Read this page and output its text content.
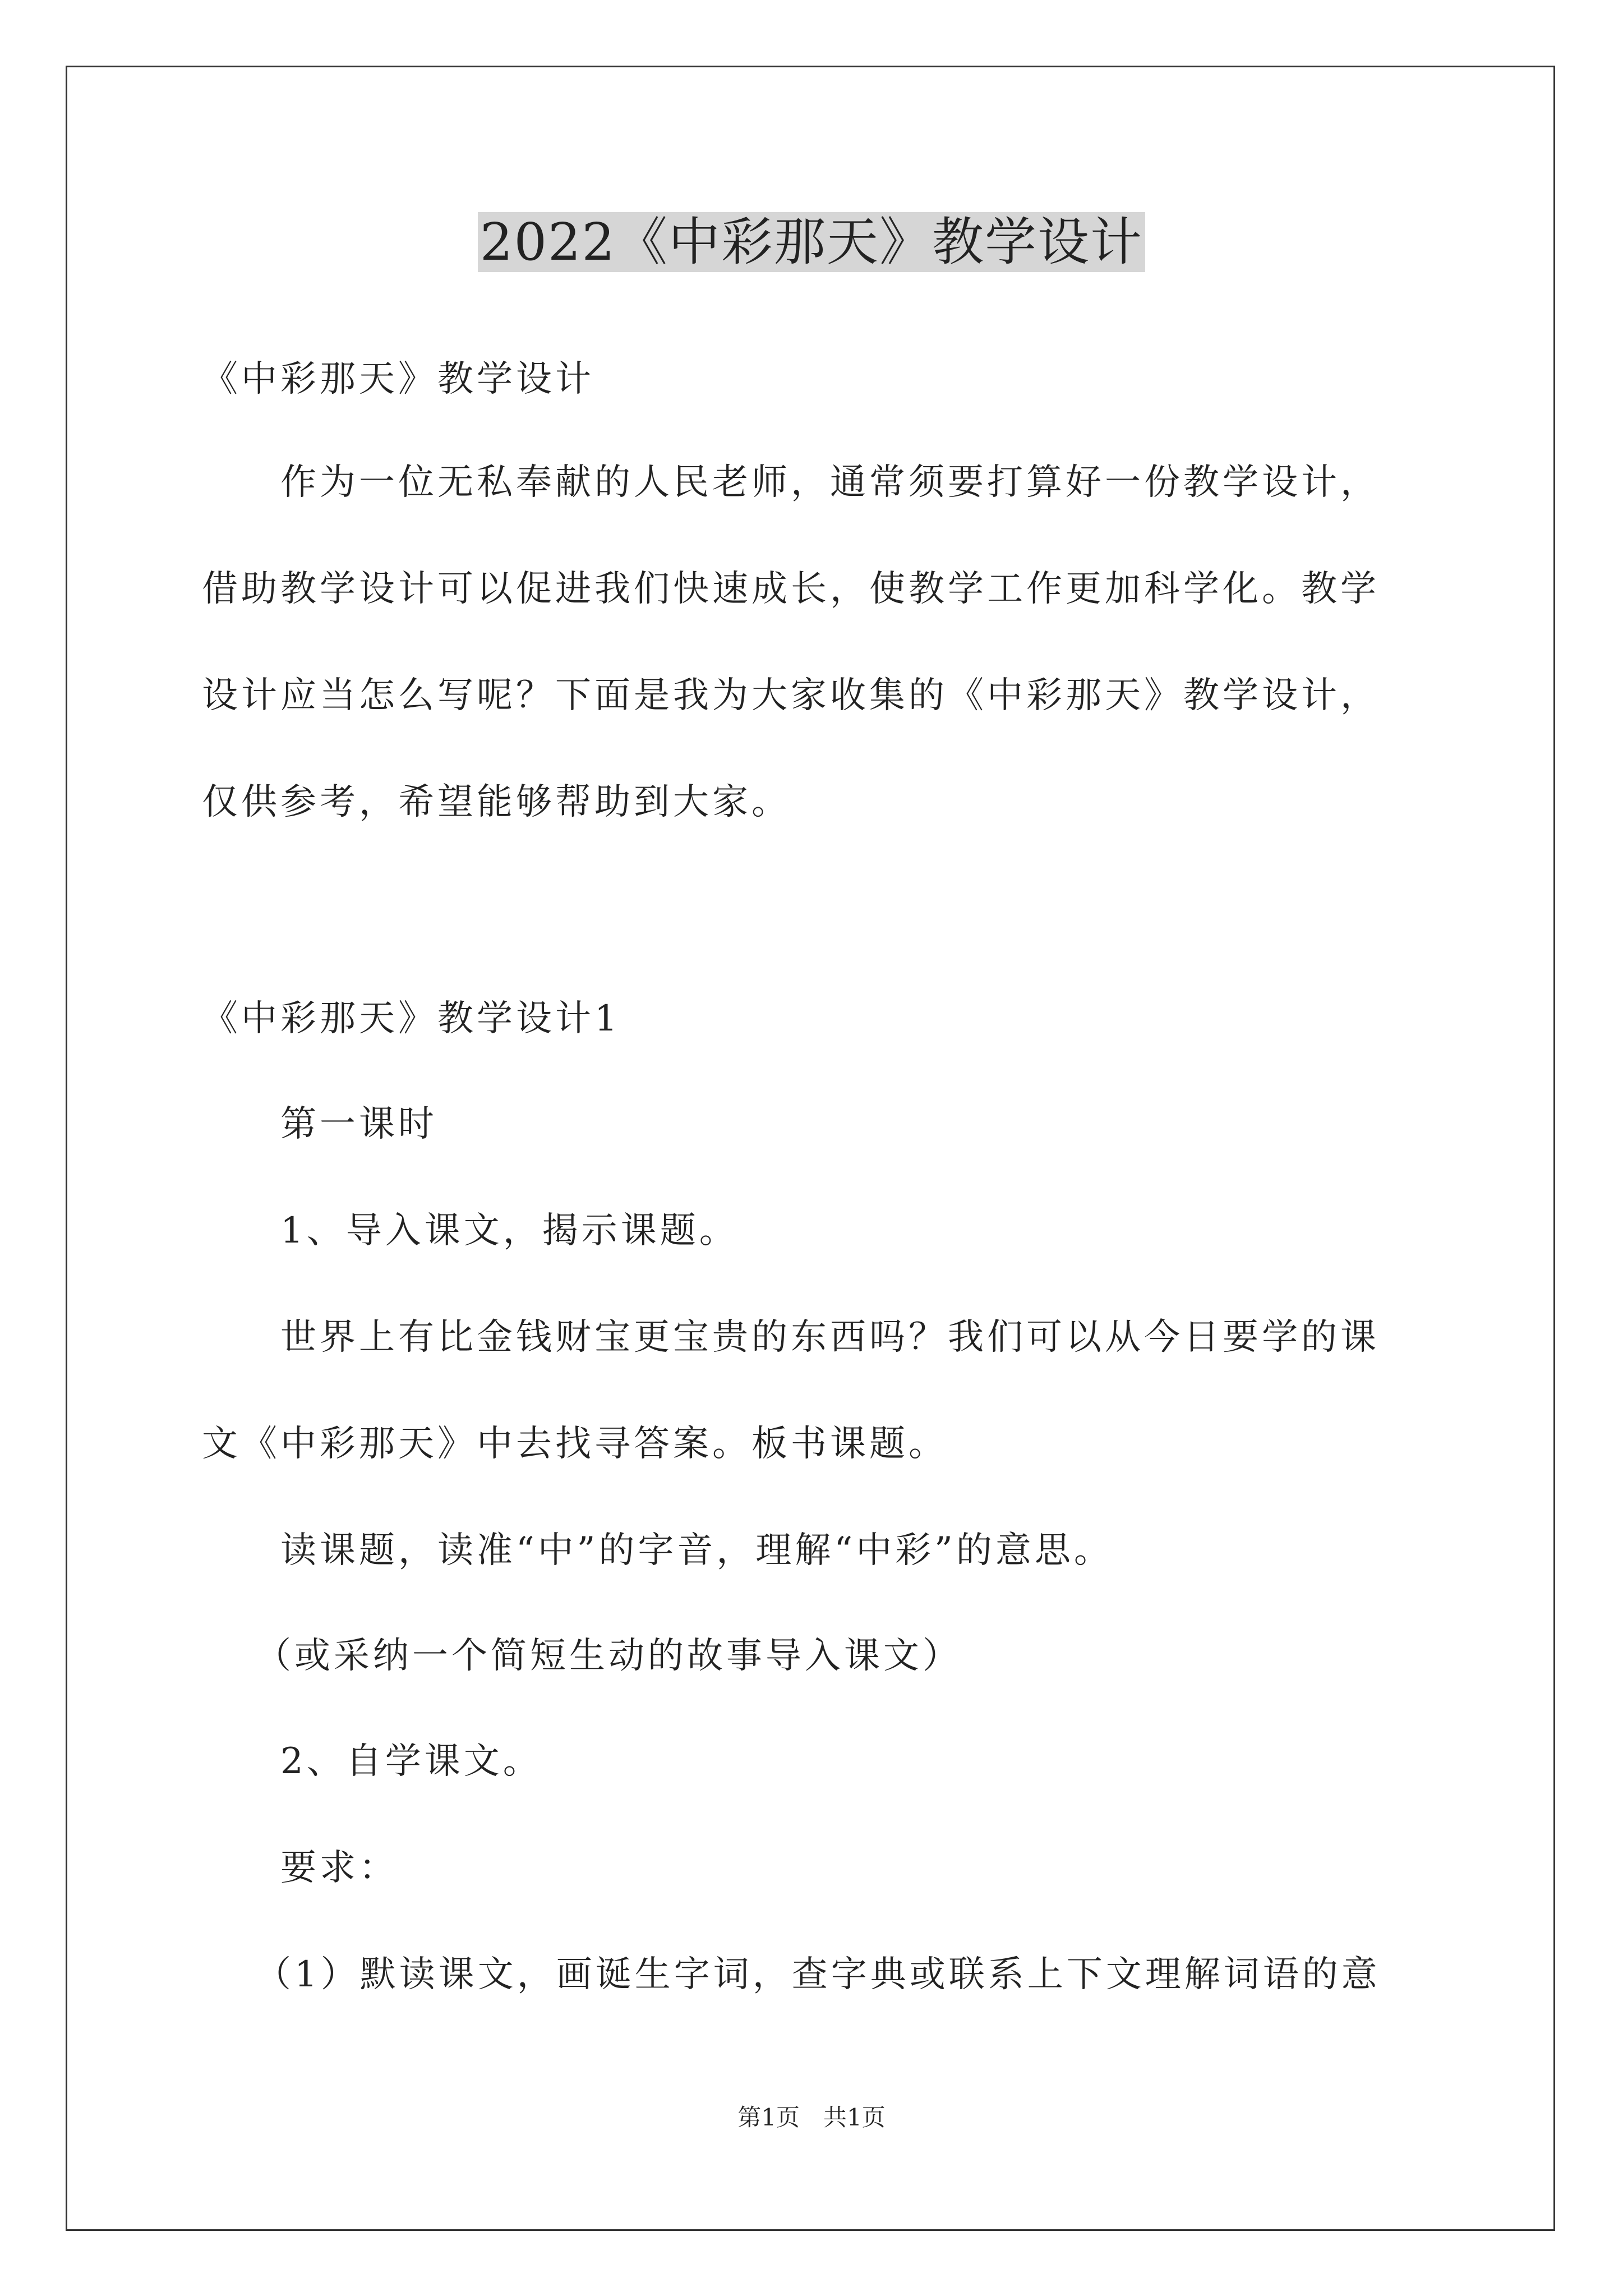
2022《中彩那天》教学设计
《中彩那天》教学设计
作为一位无私奉献的人民老师，通常须要打算好一份教学设计，
借助教学设计可以促进我们快速成长，使教学工作更加科学化。教学
设计应当怎么写呢？下面是我为大家收集的《中彩那天》教学设计，
仅供参考，希望能够帮助到大家。
《中彩那天》教学设计1
第一课时
1、导入课文，揭示课题。
世界上有比金钱财宝更宝贵的东西吗？我们可以从今日要学的课
文《中彩那天》中去找寻答案。板书课题。
读课题，读准“中”的字音，理解“中彩”的意思。
（或采纳一个简短生动的故事导入课文）
2、自学课文。
要求：
（1）默读课文，画诞生字词，查字典或联系上下文理解词语的意
第1页　共1页
